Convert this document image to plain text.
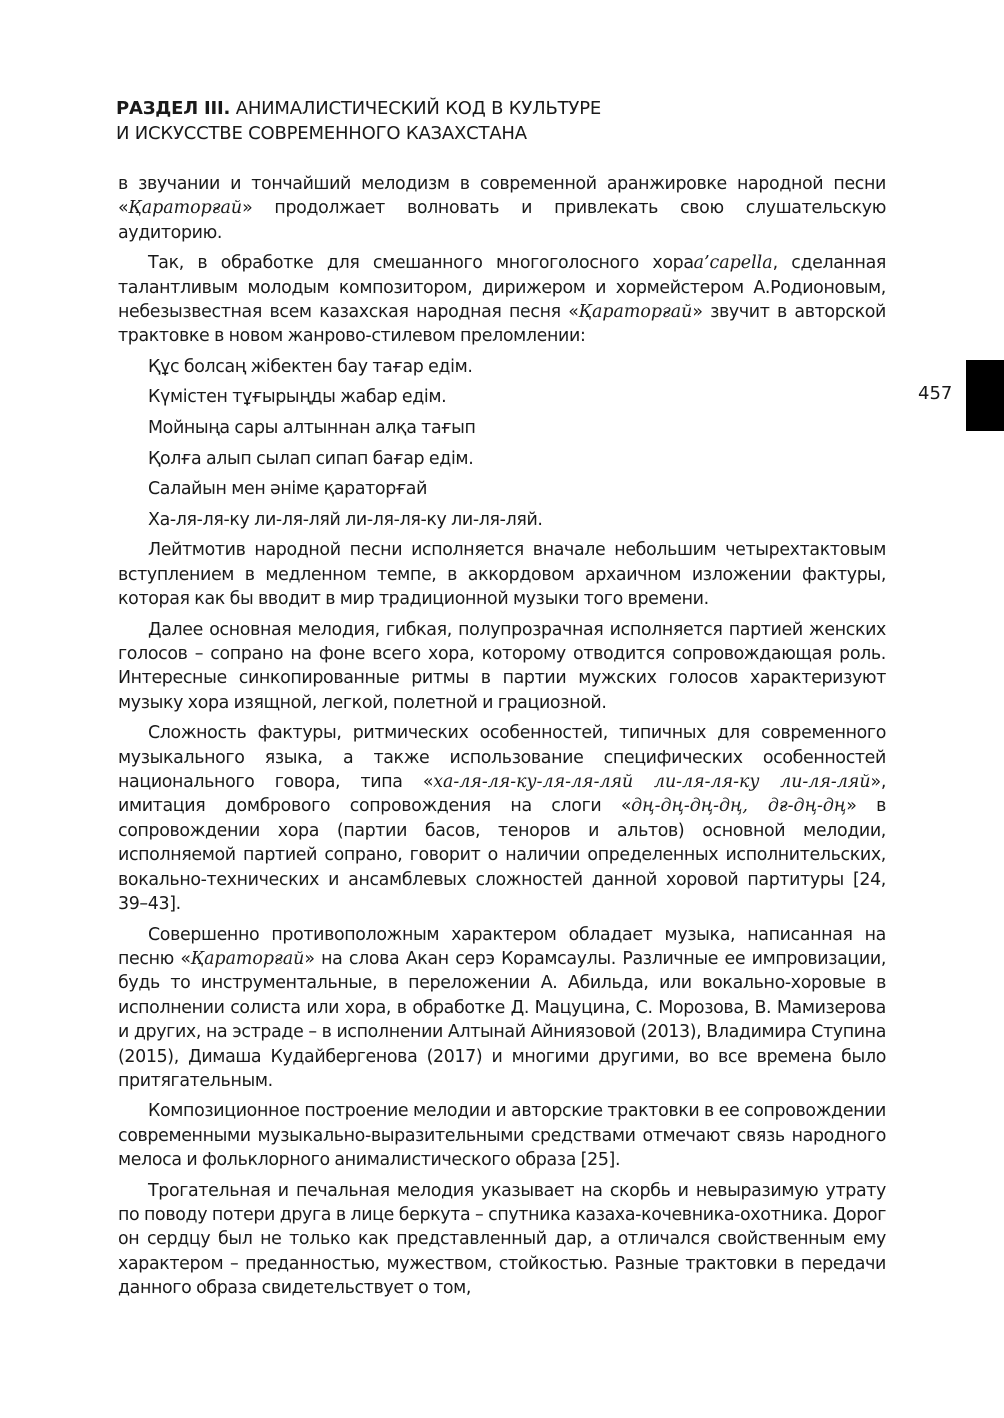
РАЗДЕЛ III. АНИМАЛИСТИЧЕСКИЙ КОД В КУЛЬТУРЕ
И ИСКУССТВЕ СОВРЕМЕННОГО КАЗАХСТАНА
457

в звучании и тончайший мелодизм в современной аранжировке народной песни «Қаратоpғай» продолжает волновать и привлекать свою слушательскую аудиторию.

Так, в обработке для смешанного многоголосного хораa’capella, сделанная талантливым молодым композитором, дирижером и хормейстером А.Родионовым, небезызвестная всем казахская народная песня «Қаратоpғай» звучит в авторской трактовке в новом жанрово-стилевом преломлении:

Құс болсаң жібектен бау тағар едім.
Күмістен тұғырыңды жабар едім.
Мойныңа сары алтыннан алқа тағып
Қолға алып сылап сипап бағар едім.
Салайын мен әніме қараторғай
Ха-ля-ля-ку ли-ля-ляй ли-ля-ля-ку ли-ля-ляй.

Лейтмотив народной песни исполняется вначале небольшим четырехтактовым вступлением в медленном темпе, в аккордовом архаичном изложении фактуры, которая как бы вводит в мир традиционной музыки того времени.

Далее основная мелодия, гибкая, полупрозрачная исполняется партией женских голосов – сопрано на фоне всего хора, которому отводится сопровождающая роль. Интересные синкопированные ритмы в партии мужских голосов характеризуют музыку хора изящной, легкой, полетной и грациозной.

Сложность фактуры, ритмических особенностей, типичных для современного музыкального языка, а также использование специфических особенностей национального говора, типа «ха-ля-ля-ку-ля-ля-ляй ли-ля-ля-ку ли-ля-ляй», имитация домбрового сопровождения на слоги «дң-дң-дң-дң, дғ-дң-дң» в сопровождении хора (партии басов, теноров и альтов) основной мелодии, исполняемой партией сопрано, говорит о наличии определенных исполнительских, вокально-технических и ансамблевых сложностей данной хоровой партитуры [24, 39–43].

Совершенно противоположным характером обладает музыка, написанная на песню «Қаратоpғай» на слова Акан серэ Корамсаулы. Различные ее импровизации, будь то инструментальные, в переложении А. Абильда, или вокально-хоровые в исполнении солиста или хора, в обработке Д. Мацуцина, С. Морозова, В. Мамизерова и других, на эстраде – в исполнении Алтынай Айниязовой (2013), Владимира Ступина (2015), Димаша Кудайбергенова (2017) и многими другими, во все времена было притягательным.

Композиционное построение мелодии и авторские трактовки в ее сопровождении современными музыкально-выразительными средствами отмечают связь народного мелоса и фольклорного анималистического образа [25].

Трогательная и печальная мелодия указывает на скорбь и невыразимую утрату по поводу потери друга в лице беркута – спутника казаха-кочевника-охотника. Дорог он сердцу был не только как представленный дар, а отличался свойственным ему характером – преданностью, мужеством, стойкостью. Разные трактовки в передачи данного образа свидетельствует о том,
